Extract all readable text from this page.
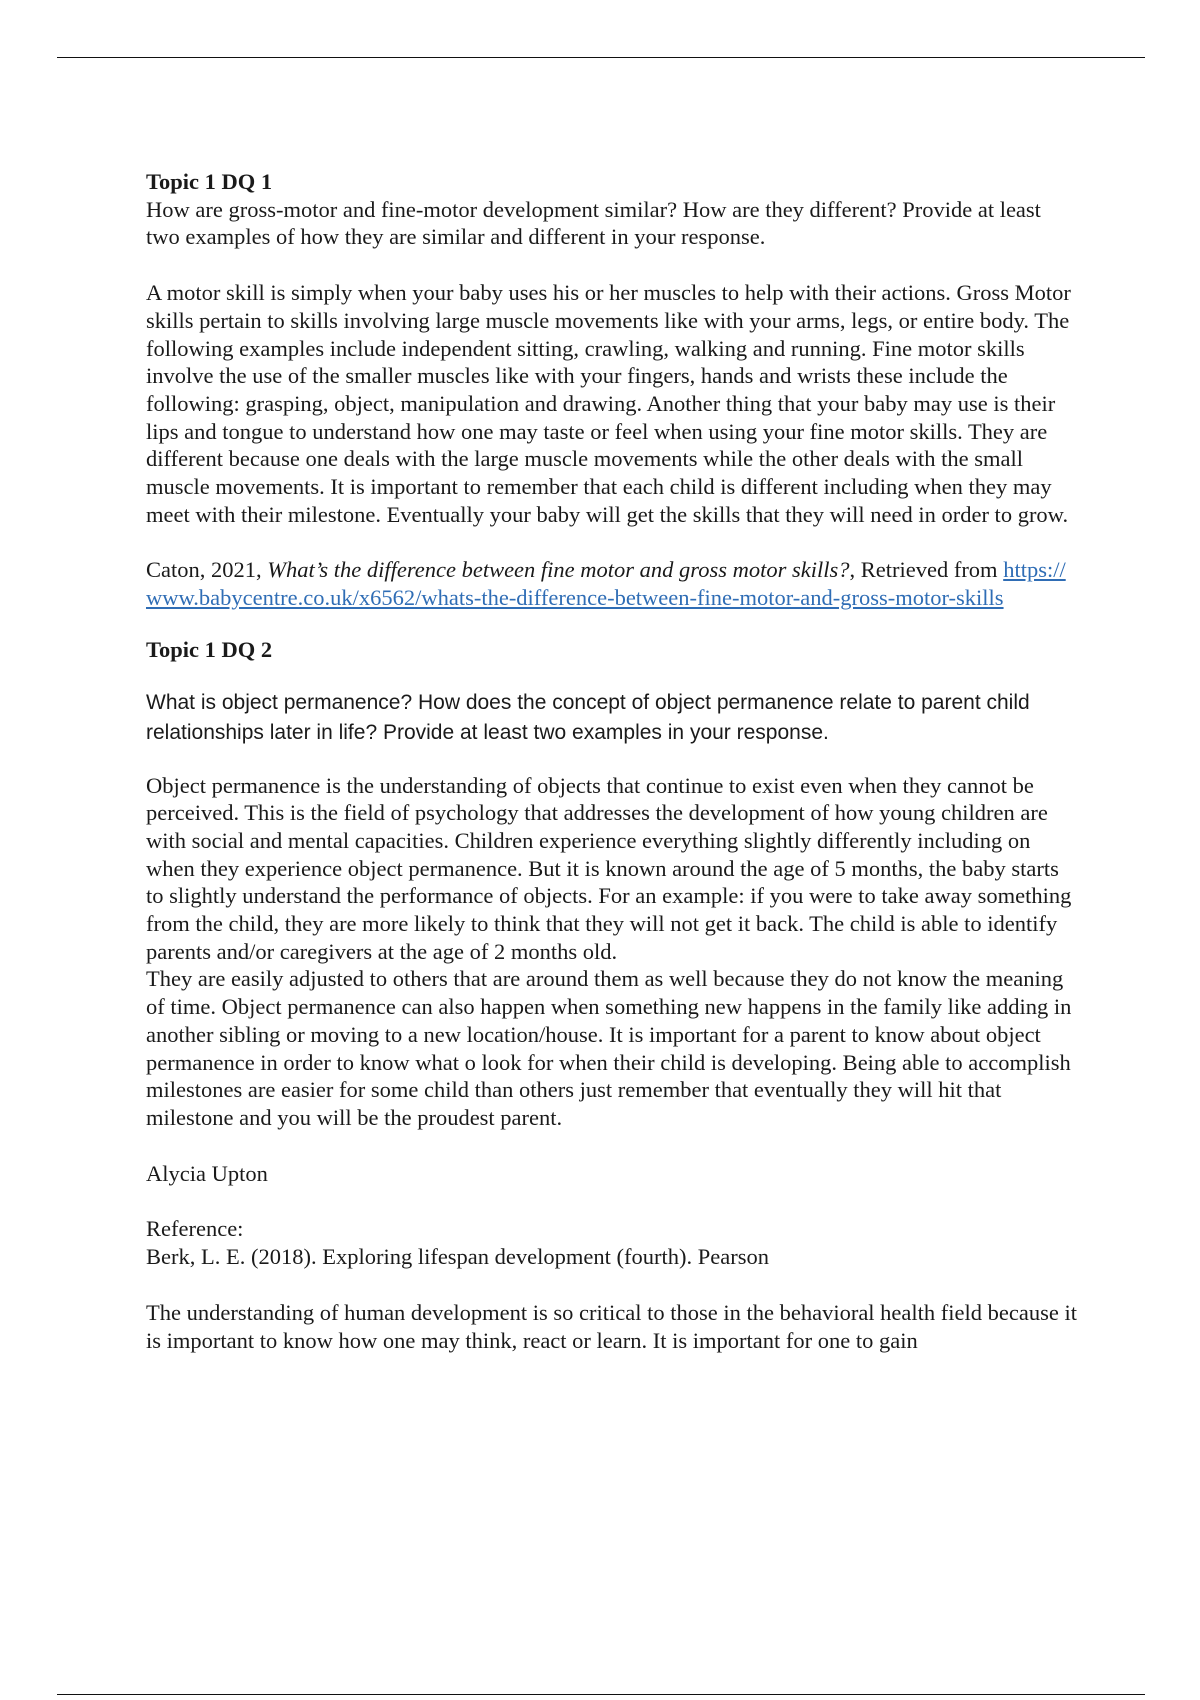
Topic 1 DQ 1

How are gross-motor and fine-motor development similar? How are they different? Provide at least two examples of how they are similar and different in your response.

A motor skill is simply when your baby uses his or her muscles to help with their actions. Gross Motor skills pertain to skills involving large muscle movements like with your arms, legs, or entire body. The following examples include independent sitting, crawling, walking and running. Fine motor skills involve the use of the smaller muscles like with your fingers, hands and wrists these include the following: grasping, object, manipulation and drawing. Another thing that your baby may use is their lips and tongue to understand how one may taste or feel when using your fine motor skills. They are different because one deals with the large muscle movements while the other deals with the small muscle movements. It is important to remember that each child is different including when they may meet with their milestone. Eventually your baby will get the skills that they will need in order to grow.

Caton, 2021, What’s the difference between fine motor and gross motor skills?, Retrieved from https://www.babycentre.co.uk/x6562/whats-the-difference-between-fine-motor-and-gross-motor-skills

Topic 1 DQ 2

What is object permanence? How does the concept of object permanence relate to parent child relationships later in life? Provide at least two examples in your response.

Object permanence is the understanding of objects that continue to exist even when they cannot be perceived. This is the field of psychology that addresses the development of how young children are with social and mental capacities. Children experience everything slightly differently including on when they experience object permanence. But it is known around the age of 5 months, the baby starts to slightly understand the performance of objects. For an example: if you were to take away something from the child, they are more likely to think that they will not get it back. The child is able to identify parents and/or caregivers at the age of 2 months old.

They are easily adjusted to others that are around them as well because they do not know the meaning of time. Object permanence can also happen when something new happens in the family like adding in another sibling or moving to a new location/house. It is important for a parent to know about object permanence in order to know what o look for when their child is developing. Being able to accomplish milestones are easier for some child than others just remember that eventually they will hit that milestone and you will be the proudest parent.

Alycia Upton

Reference:

Berk, L. E. (2018). Exploring lifespan development (fourth). Pearson

The understanding of human development is so critical to those in the behavioral health field because it is important to know how one may think, react or learn. It is important for one to gain
